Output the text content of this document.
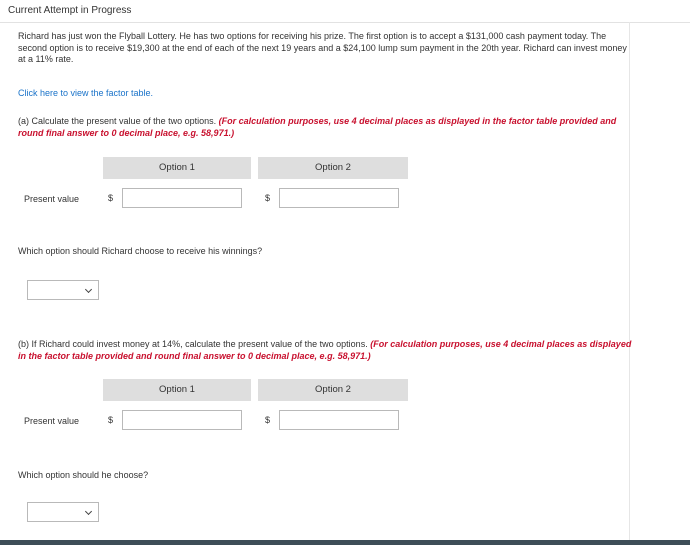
Current Attempt in Progress
Richard has just won the Flyball Lottery. He has two options for receiving his prize. The first option is to accept a $131,000 cash payment today. The second option is to receive $19,300 at the end of each of the next 19 years and a $24,100 lump sum payment in the 20th year. Richard can invest money at a 11% rate.
Click here to view the factor table.
(a) Calculate the present value of the two options. (For calculation purposes, use 4 decimal places as displayed in the factor table provided and round final answer to 0 decimal place, e.g. 58,971.)
Option 1	Option 2
Present value	$	$
Which option should Richard choose to receive his winnings?
(b) If Richard could invest money at 14%, calculate the present value of the two options. (For calculation purposes, use 4 decimal places as displayed in the factor table provided and round final answer to 0 decimal place, e.g. 58,971.)
Option 1	Option 2
Present value	$	$
Which option should he choose?
